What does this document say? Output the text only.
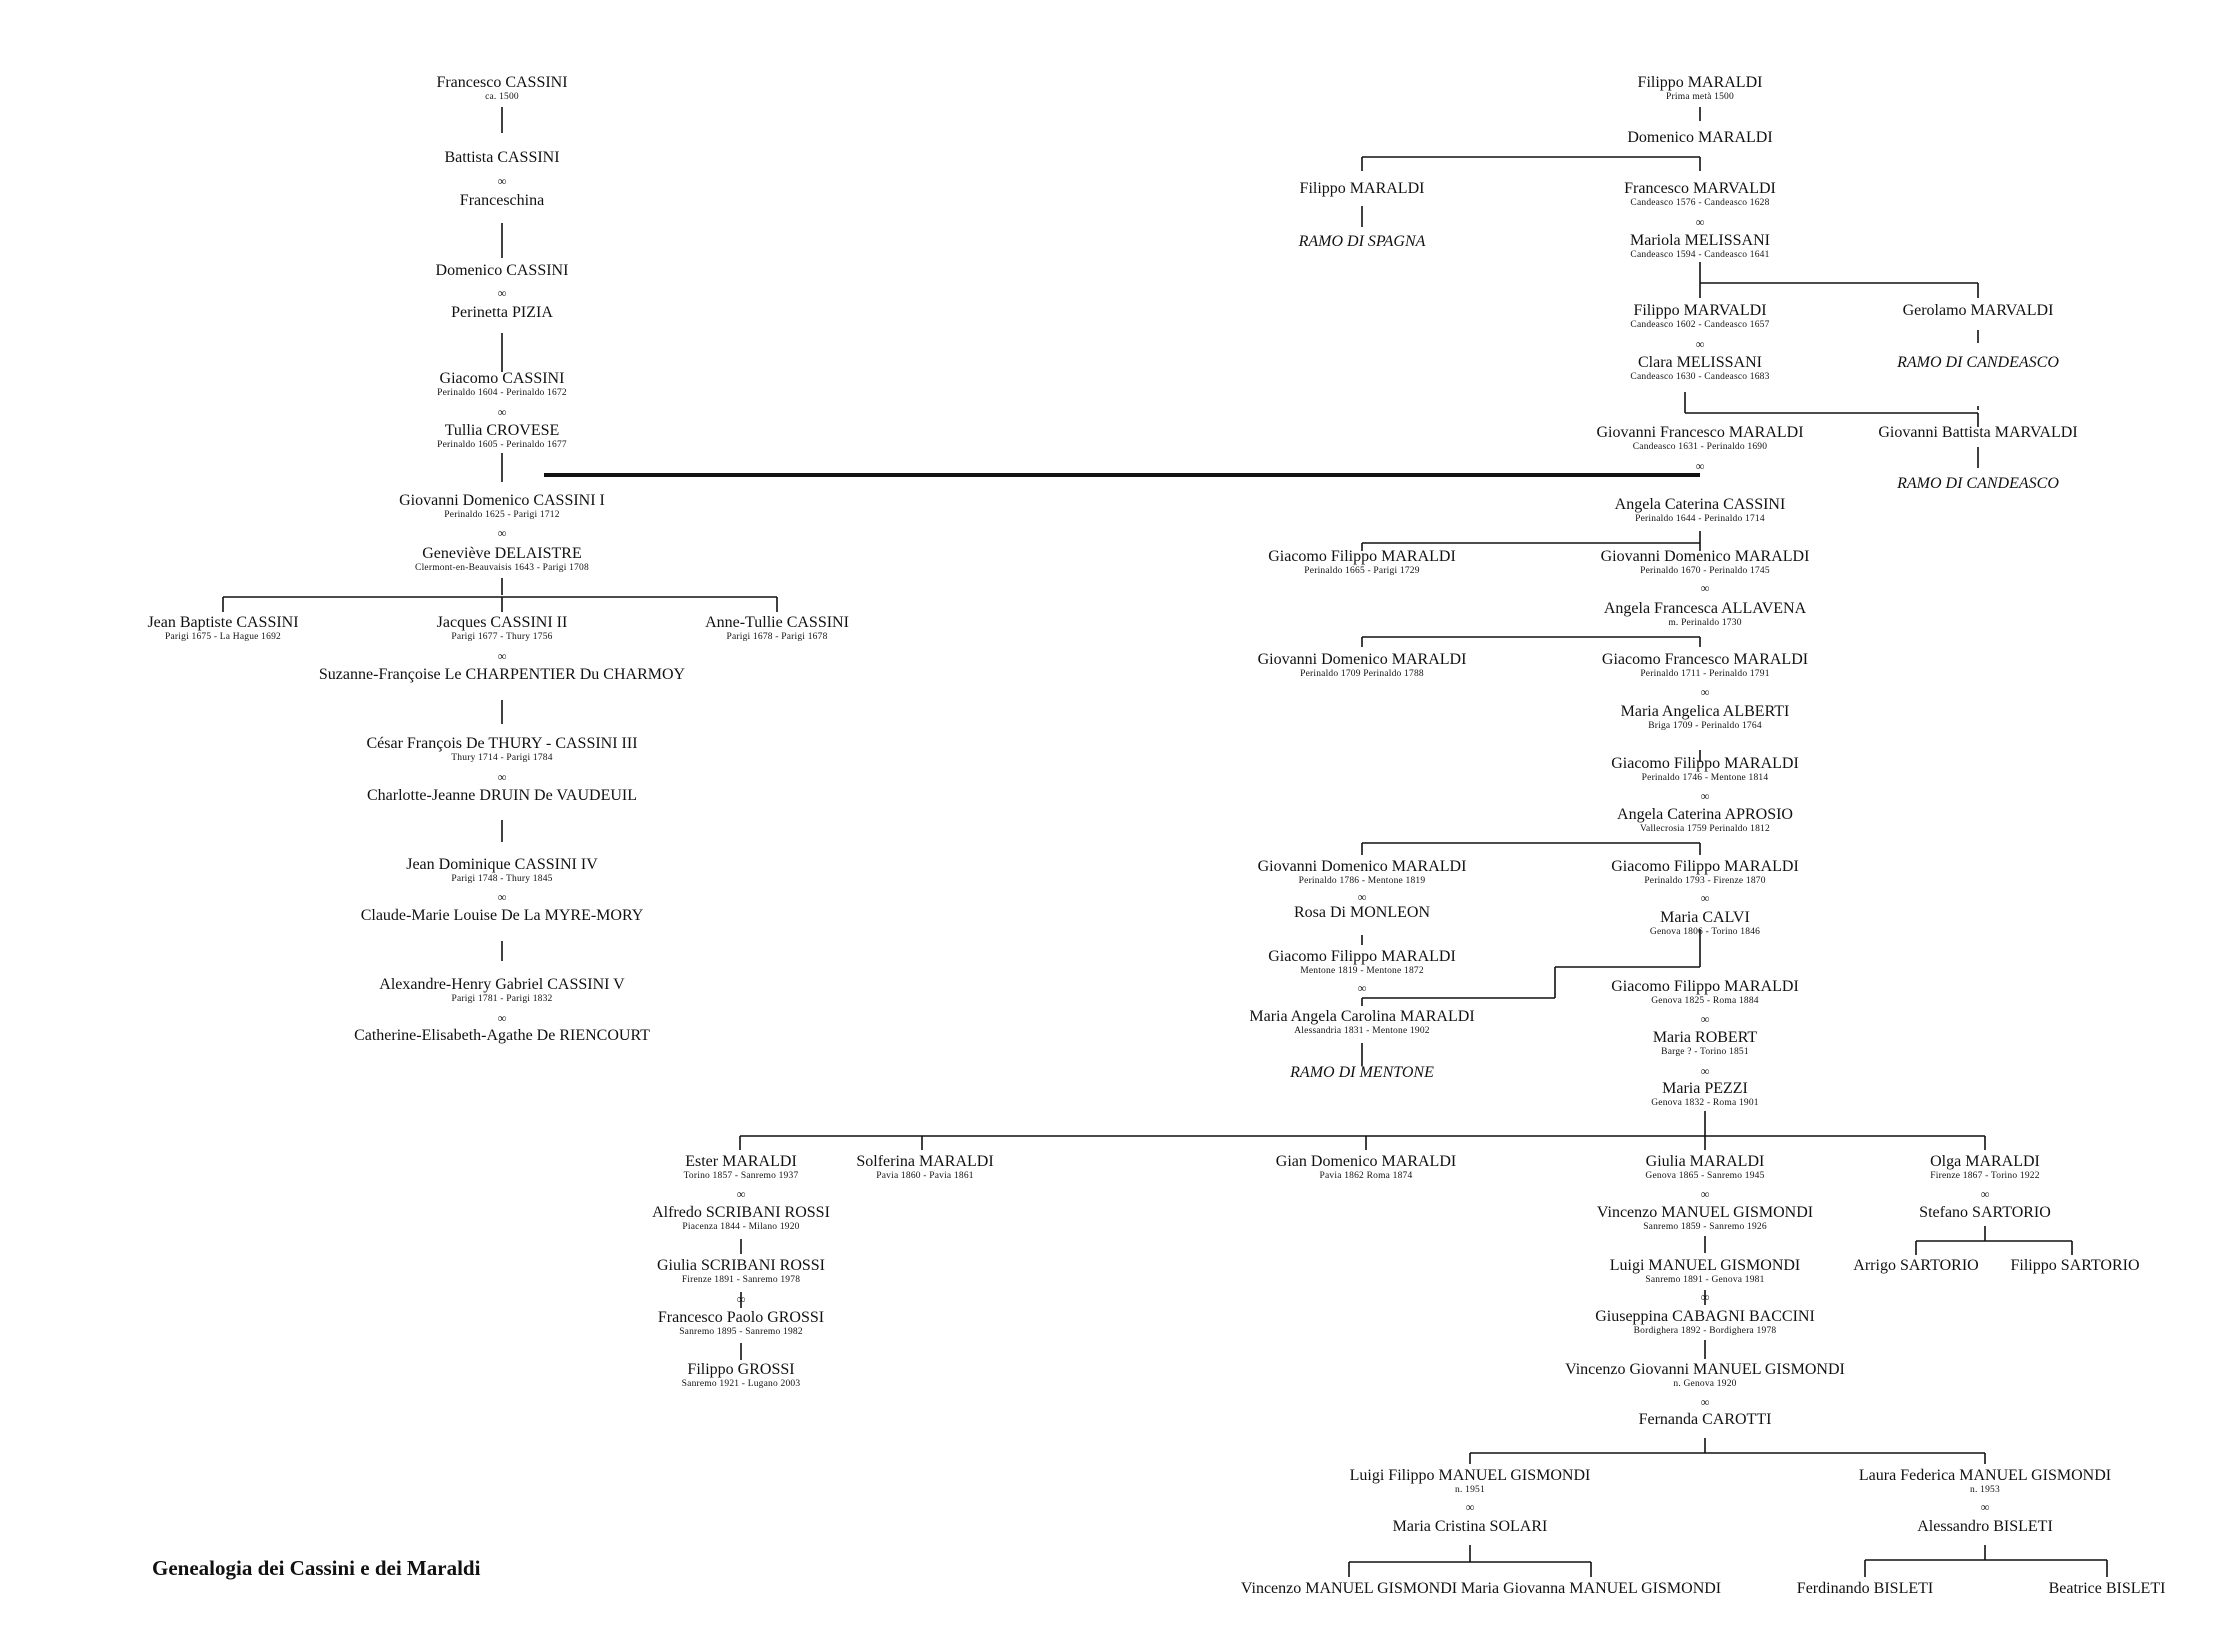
Francesco CASSINI
ca. 1500
Battista CASSINI
∞
Franceschina
Domenico CASSINI
∞
Perinetta PIZIA
Giacomo CASSINI
Perinaldo 1604 - Perinaldo 1672
∞
Tullia CROVESE
Perinaldo 1605 - Perinaldo 1677
Giovanni Domenico CASSINI I
Perinaldo 1625 - Parigi 1712
∞
Geneviève DELAISTRE
Clermont-en-Beauvaisis 1643 - Parigi 1708
Jean Baptiste CASSINI
Parigi 1675 - La Hague 1692
Jacques CASSINI II
Parigi 1677 - Thury 1756
Anne-Tullie CASSINI
Parigi 1678 - Parigi 1678
∞
Suzanne-Françoise Le CHARPENTIER Du CHARMOY
César François De THURY - CASSINI III
Thury 1714 - Parigi 1784
∞
Charlotte-Jeanne DRUIN De VAUDEUIL
Jean Dominique CASSINI IV
Parigi 1748 - Thury 1845
∞
Claude-Marie Louise De La MYRE-MORY
Alexandre-Henry Gabriel CASSINI V
Parigi 1781 - Parigi 1832
∞
Catherine-Elisabeth-Agathe De RIENCOURT
Filippo MARALDI
Prima metà 1500
Domenico MARALDI
Filippo MARALDI
RAMO DI SPAGNA
Francesco MARVALDI
Candeasco 1576 - Candeasco 1628
∞
Mariola MELISSANI
Candeasco 1594 - Candeasco 1641
Filippo MARVALDI
Candeasco 1602 - Candeasco 1657
Gerolamo MARVALDI
RAMO DI CANDEASCO
∞
Clara MELISSANI
Candeasco 1630 - Candeasco 1683
Giovanni Francesco MARALDI
Candeasco 1631 - Perinaldo 1690
Giovanni Battista MARVALDI
RAMO DI CANDEASCO
∞
Angela Caterina CASSINI
Perinaldo 1644 - Perinaldo 1714
Giacomo Filippo MARALDI
Perinaldo 1665 - Parigi 1729
Giovanni Domenico MARALDI
Perinaldo 1670 - Perinaldo 1745
∞
Angela Francesca ALLAVENA
m. Perinaldo 1730
Giovanni Domenico MARALDI
Perinaldo 1709 Perinaldo 1788
Giacomo Francesco MARALDI
Perinaldo 1711 - Perinaldo 1791
∞
Maria Angelica ALBERTI
Briga 1709 - Perinaldo 1764
Giacomo Filippo MARALDI
Perinaldo 1746 - Mentone 1814
∞
Angela Caterina APROSIO
Vallecrosia 1759 Perinaldo 1812
Giovanni Domenico MARALDI
Perinaldo 1786 - Mentone 1819
Giacomo Filippo MARALDI
Perinaldo 1793 - Firenze 1870
∞
Rosa Di MONLEON
∞
Maria CALVI
Genova 1806 - Torino 1846
Giacomo Filippo MARALDI
Mentone 1819 - Mentone 1872
∞	Giacomo Filippo MARALDI
Genova 1825 - Roma 1884
Maria Angela Carolina MARALDI
Alessandria 1831 - Mentone 1902
RAMO DI MENTONE
∞
Maria ROBERT
Barge ? - Torino 1851
∞
Maria PEZZI
Genova 1832 - Roma 1901
Ester MARALDI
Torino 1857 - Sanremo 1937
Solferina MARALDI
Pavia 1860 - Pavia 1861
Gian Domenico MARALDI
Pavia 1862 Roma 1874
Giulia MARALDI
Genova 1865 - Sanremo 1945
Olga MARALDI
Firenze 1867 - Torino 1922
∞
Alfredo SCRIBANI ROSSI
Piacenza 1844 - Milano 1920
∞
Vincenzo MANUEL GISMONDI
Sanremo 1859 - Sanremo 1926
∞
Stefano SARTORIO
Giulia SCRIBANI ROSSI
Firenze 1891 - Sanremo 1978
Luigi MANUEL GISMONDI
Sanremo 1891 - Genova 1981
Arrigo SARTORIO Filippo SARTORIO
∞
Francesco Paolo GROSSI
Sanremo 1895 - Sanremo 1982
∞
Giuseppina CABAGNI BACCINI
Bordighera 1892 - Bordighera 1978
Filippo GROSSI
Sanremo 1921 - Lugano 2003
Vincenzo Giovanni MANUEL GISMONDI
n. Genova 1920
∞
Fernanda CAROTTI
Luigi Filippo MANUEL GISMONDI
n. 1951
Laura Federica MANUEL GISMONDI
n. 1953
∞
Maria Cristina SOLARI
∞
Alessandro BISLETI
Vincenzo MANUEL GISMONDI Maria Giovanna MANUEL GISMONDI	Ferdinando BISLETI	Beatrice BISLETI
Genealogia dei Cassini e dei Maraldi
